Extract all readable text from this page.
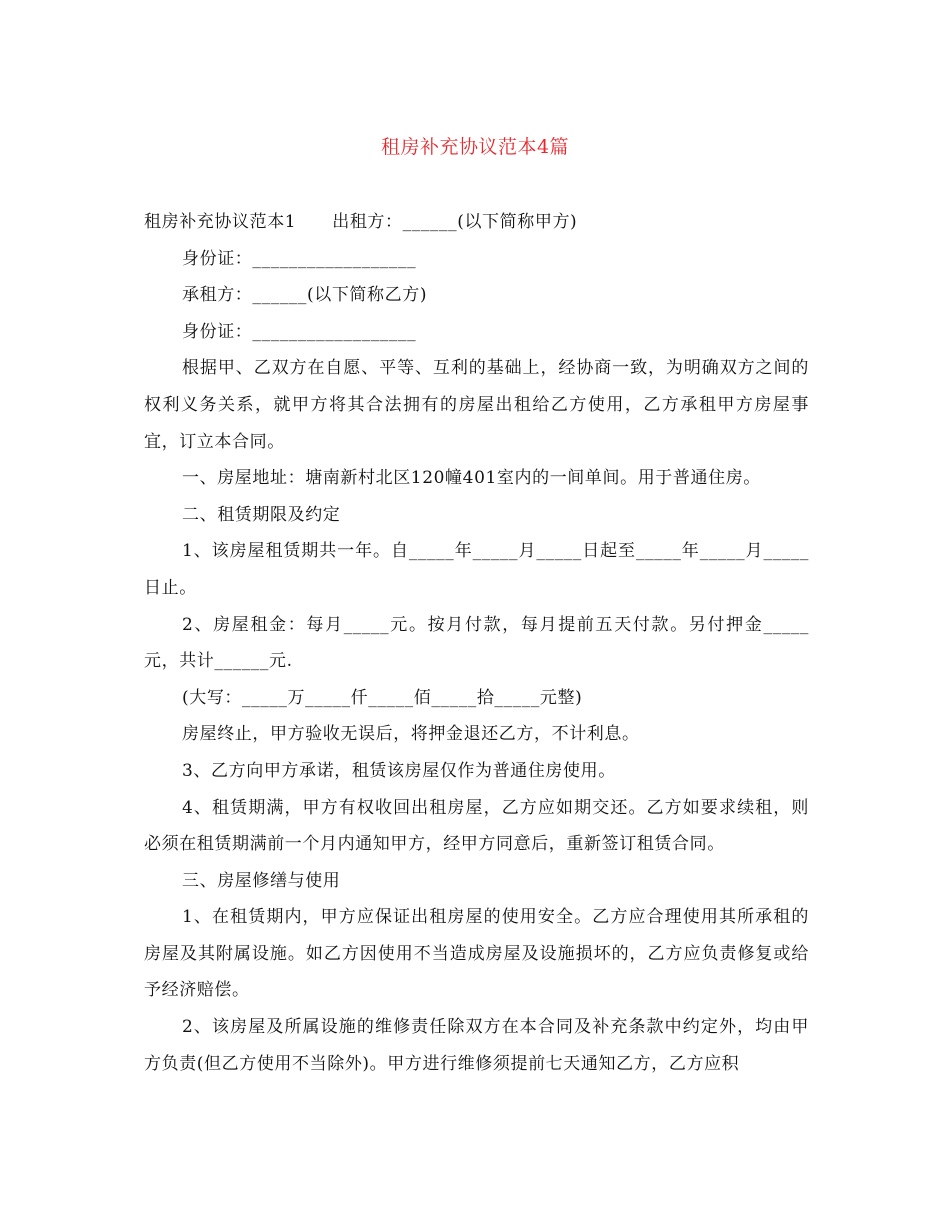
租房补充协议范本4篇

租房补充协议范本1 出租方：______(以下简称甲方)

身份证：__________________

承租方：______(以下简称乙方)

身份证：__________________

根据甲、乙双方在自愿、平等、互利的基础上，经协商一致，为明确双方之间的权利义务关系，就甲方将其合法拥有的房屋出租给乙方使用，乙方承租甲方房屋事宜，订立本合同。

一、房屋地址：塘南新村北区120幢401室内的一间单间。用于普通住房。

二、租赁期限及约定

1、该房屋租赁期共一年。自_____年_____月_____日起至_____年_____月_____日止。

2、房屋租金：每月_____元。按月付款，每月提前五天付款。另付押金_____元，共计______元.

(大写：_____万_____仟_____佰_____拾_____元整)

房屋终止，甲方验收无误后，将押金退还乙方，不计利息。

3、乙方向甲方承诺，租赁该房屋仅作为普通住房使用。

4、租赁期满，甲方有权收回出租房屋，乙方应如期交还。乙方如要求续租，则必须在租赁期满前一个月内通知甲方，经甲方同意后，重新签订租赁合同。

三、房屋修缮与使用

1、在租赁期内，甲方应保证出租房屋的使用安全。乙方应合理使用其所承租的房屋及其附属设施。如乙方因使用不当造成房屋及设施损坏的，乙方应负责修复或给予经济赔偿。

2、该房屋及所属设施的维修责任除双方在本合同及补充条款中约定外，均由甲方负责(但乙方使用不当除外)。甲方进行维修须提前七天通知乙方，乙方应积
